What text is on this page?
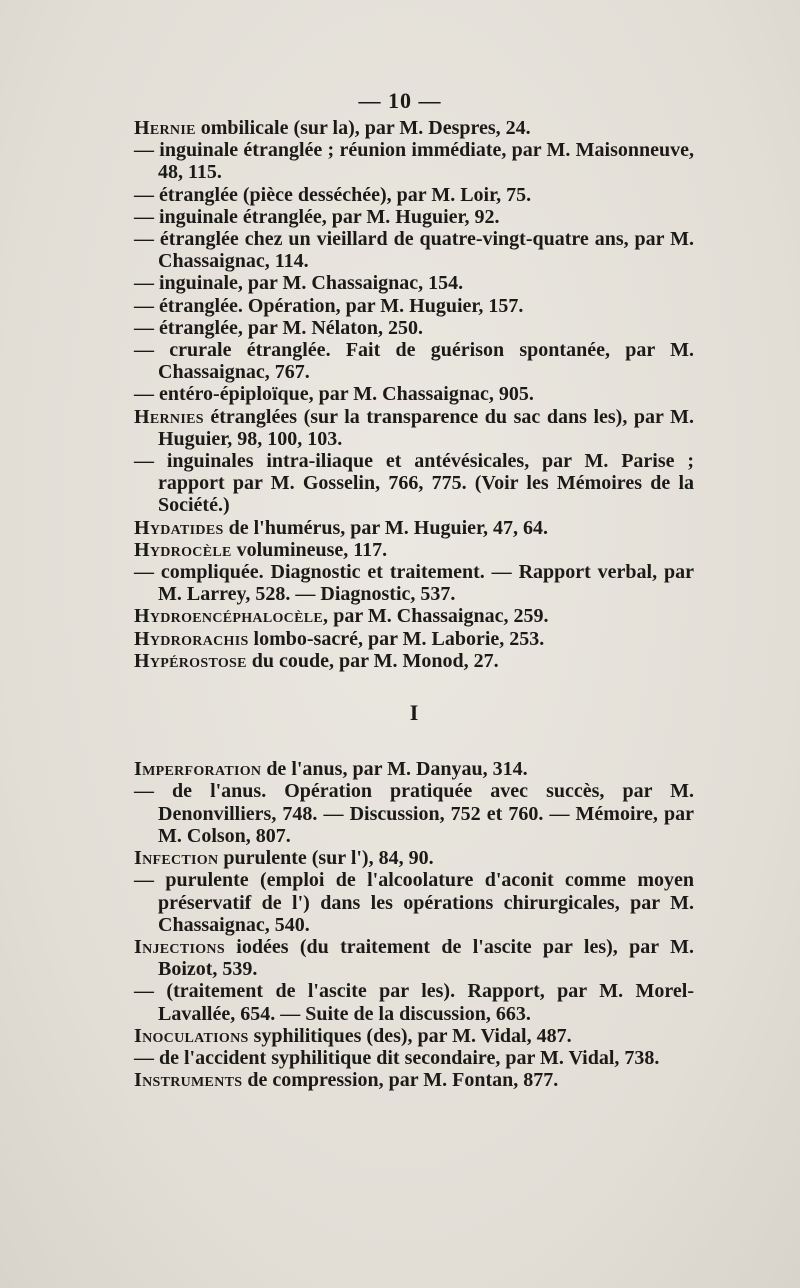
— 10 —

Hernie ombilicale (sur la), par M. Despres, 24.

— inguinale étranglée ; réunion immédiate, par M. Maisonneuve, 48, 115.

— étranglée (pièce desséchée), par M. Loir, 75.

— inguinale étranglée, par M. Huguier, 92.

— étranglée chez un vieillard de quatre-vingt-quatre ans, par M. Chassaignac, 114.

— inguinale, par M. Chassaignac, 154.

— étranglée. Opération, par M. Huguier, 157.

— étranglée, par M. Nélaton, 250.

— crurale étranglée. Fait de guérison spontanée, par M. Chassaignac, 767.

— entéro-épiploïque, par M. Chassaignac, 905.

Hernies étranglées (sur la transparence du sac dans les), par M. Huguier, 98, 100, 103.

— inguinales intra-iliaque et antévésicales, par M. Parise ; rapport par M. Gosselin, 766, 775. (Voir les Mémoires de la Société.)

Hydatides de l'humérus, par M. Huguier, 47, 64.

Hydrocèle volumineuse, 117.

— compliquée. Diagnostic et traitement. — Rapport verbal, par M. Larrey, 528. — Diagnostic, 537.

Hydroencéphalocèle, par M. Chassaignac, 259.

Hydrorachis lombo-sacré, par M. Laborie, 253.

Hypérostose du coude, par M. Monod, 27.

I

Imperforation de l'anus, par M. Danyau, 314.

— de l'anus. Opération pratiquée avec succès, par M. Denonvilliers, 748. — Discussion, 752 et 760. — Mémoire, par M. Colson, 807.

Infection purulente (sur l'), 84, 90.

— purulente (emploi de l'alcoolature d'aconit comme moyen préservatif de l') dans les opérations chirurgicales, par M. Chassaignac, 540.

Injections iodées (du traitement de l'ascite par les), par M. Boizot, 539.

— (traitement de l'ascite par les). Rapport, par M. Morel-Lavallée, 654. — Suite de la discussion, 663.

Inoculations syphilitiques (des), par M. Vidal, 487.

— de l'accident syphilitique dit secondaire, par M. Vidal, 738.

Instruments de compression, par M. Fontan, 877.
